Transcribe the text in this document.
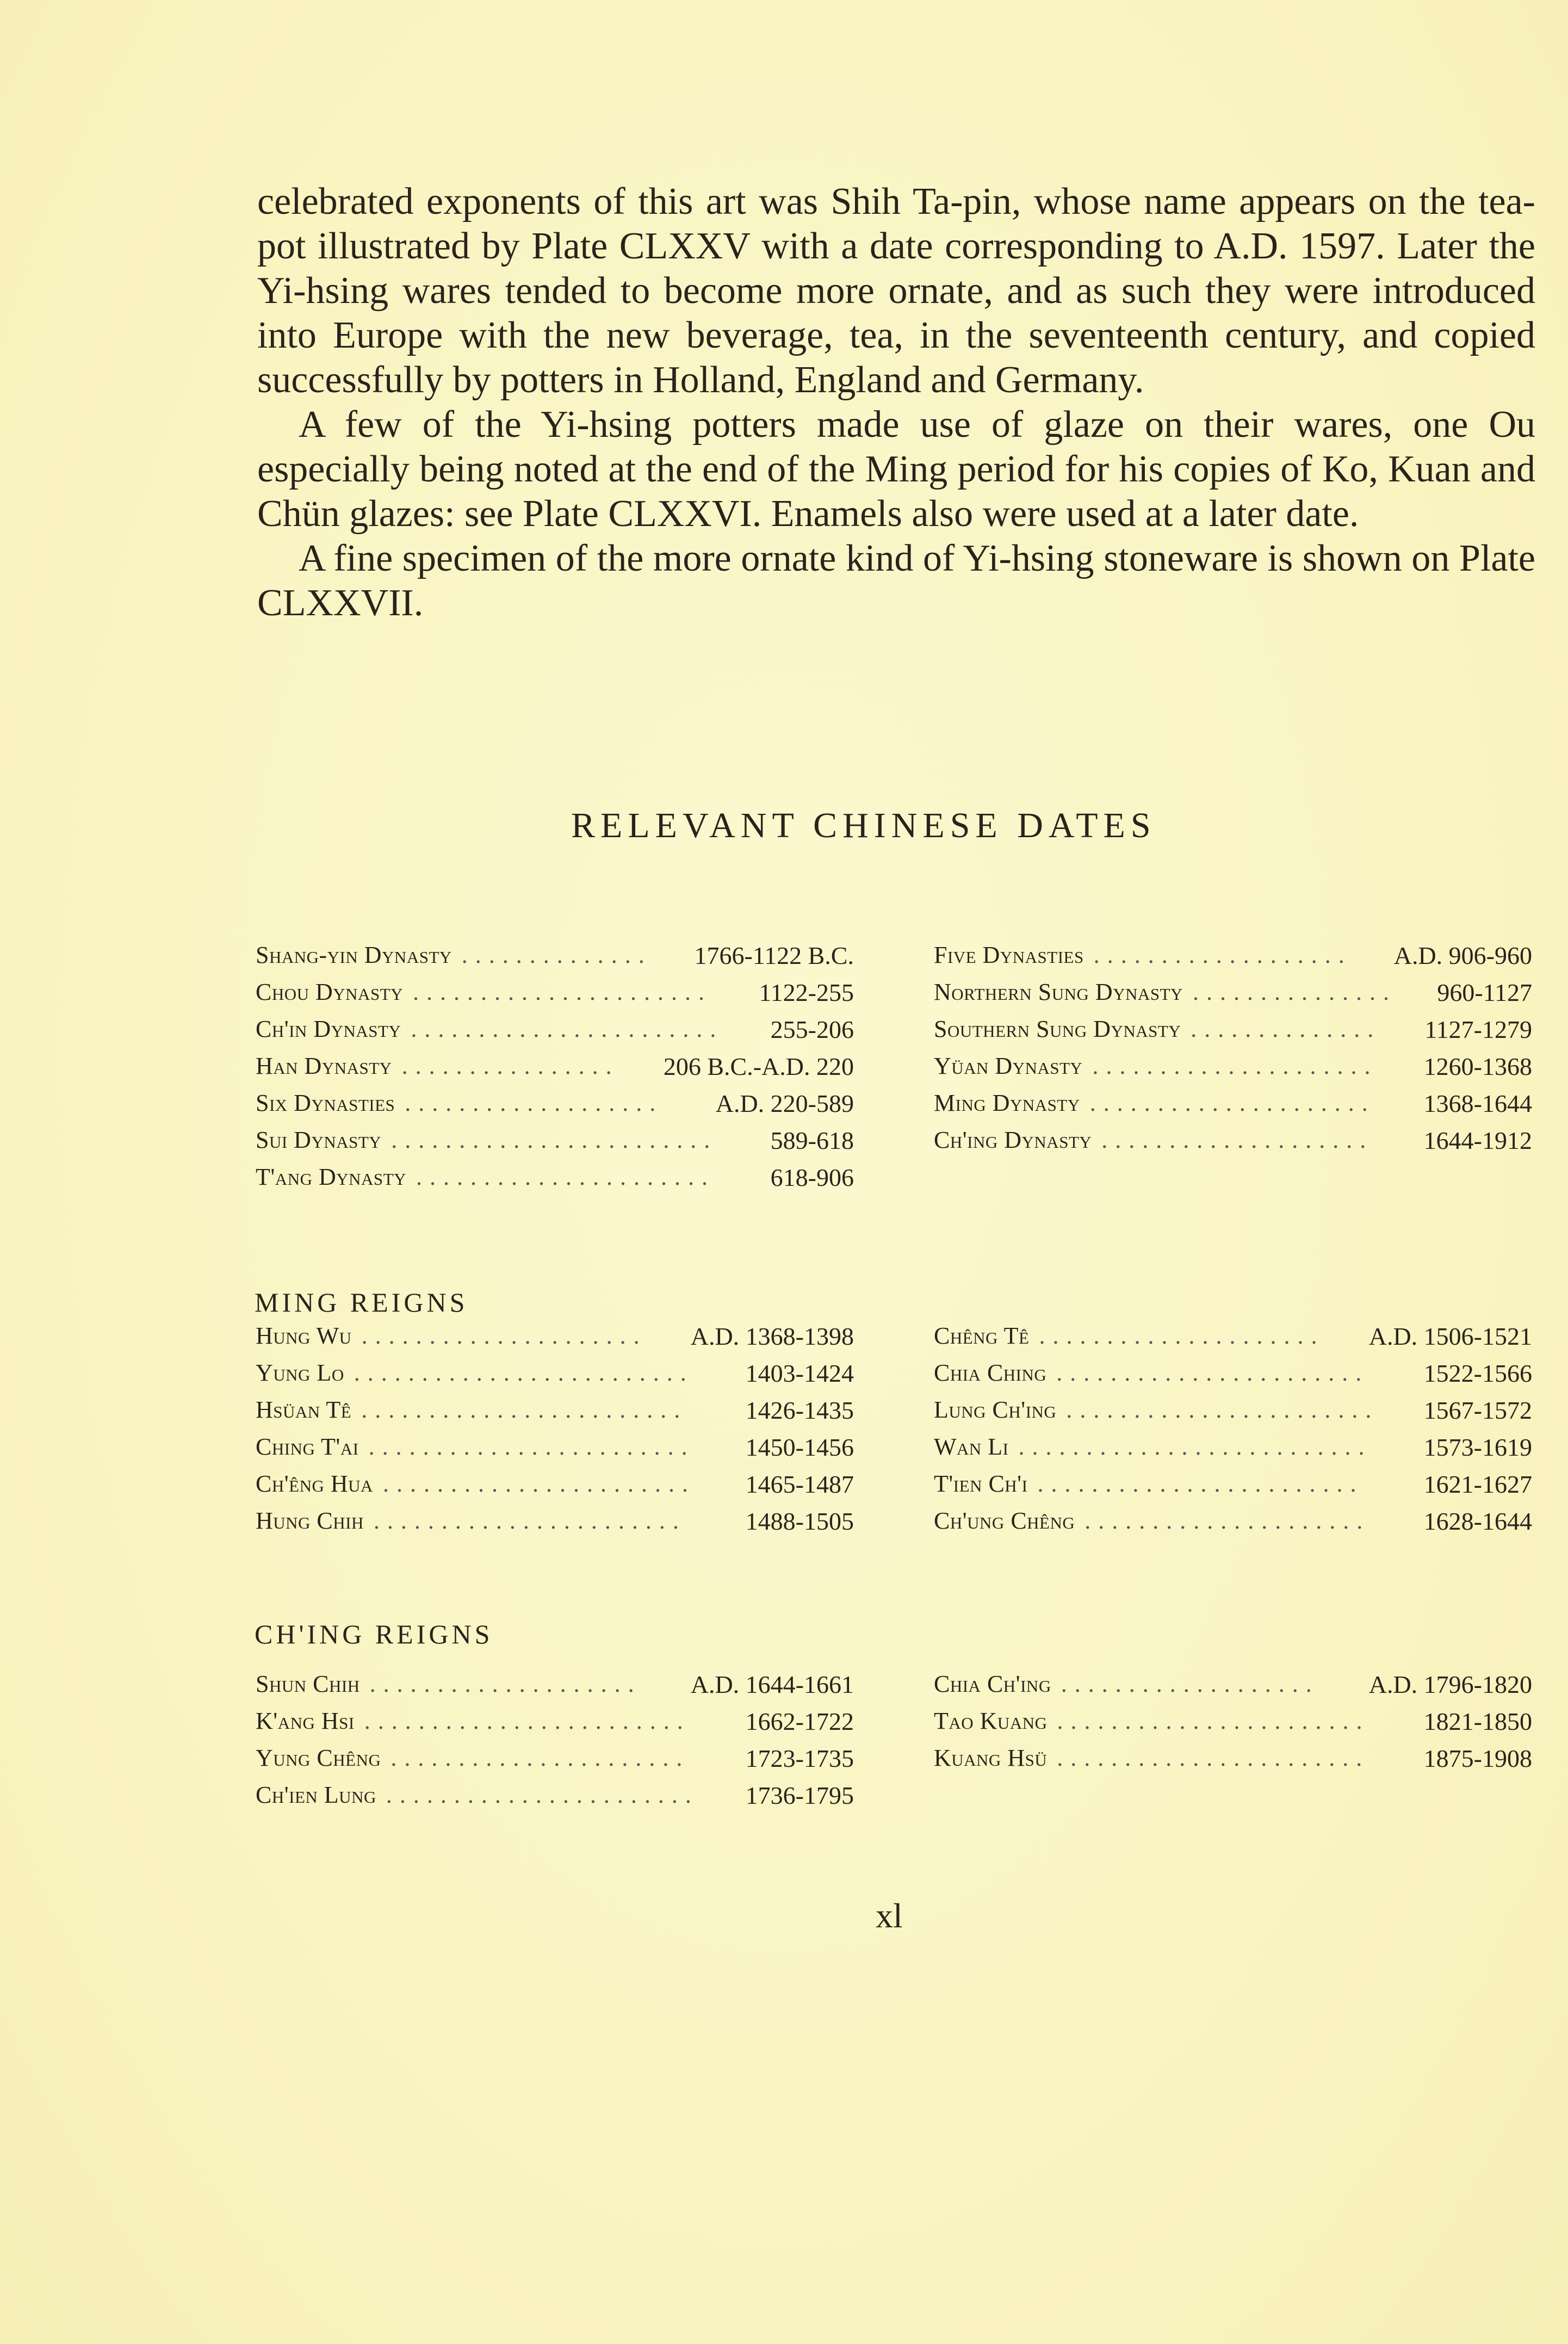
celebrated exponents of this art was Shih Ta-pin, whose name appears on the tea-pot illustrated by Plate CLXXV with a date corresponding to A.D. 1597. Later the Yi-hsing wares tended to become more ornate, and as such they were introduced into Europe with the new beverage, tea, in the seventeenth century, and copied successfully by potters in Holland, England and Germany.

A few of the Yi-hsing potters made use of glaze on their wares, one Ou especially being noted at the end of the Ming period for his copies of Ko, Kuan and Chün glazes: see Plate CLXXVI. Enamels also were used at a later date.

A fine specimen of the more ornate kind of Yi-hsing stoneware is shown on Plate CLXXVII.

RELEVANT CHINESE DATES
Shang-yin Dynasty ..............	1766-1122 B.C.
Chou Dynasty ......................	1122-255
Ch'in Dynasty .......................	255-206
Han Dynasty ................	206 B.C.-A.D. 220
Six Dynasties ...................	A.D. 220-589
Sui Dynasty ........................	589-618
T'ang Dynasty ......................	618-906
Five Dynasties ...................	A.D. 906-960
Northern Sung Dynasty ...............	960-1127
Southern Sung Dynasty ..............	1127-1279
Yüan Dynasty .....................	1260-1368
Ming Dynasty .....................	1368-1644
Ch'ing Dynasty ....................	1644-1912
MING REIGNS
Hung Wu .....................	A.D. 1368-1398
Yung Lo .........................	1403-1424
Hsüan Tê ........................	1426-1435
Ching T'ai ........................	1450-1456
Ch'êng Hua .......................	1465-1487
Hung Chih .......................	1488-1505
Chêng Tê .....................	A.D. 1506-1521
Chia Ching .......................	1522-1566
Lung Ch'ing .......................	1567-1572
Wan Li ..........................	1573-1619
T'ien Ch'i ........................	1621-1627
Ch'ung Chêng .....................	1628-1644
CH'ING REIGNS
Shun Chih ....................	A.D. 1644-1661
K'ang Hsi ........................	1662-1722
Yung Chêng ......................	1723-1735
Ch'ien Lung .......................	1736-1795
Chia Ch'ing ...................	A.D. 1796-1820
Tao Kuang .......................	1821-1850
Kuang Hsü .......................	1875-1908
xl
